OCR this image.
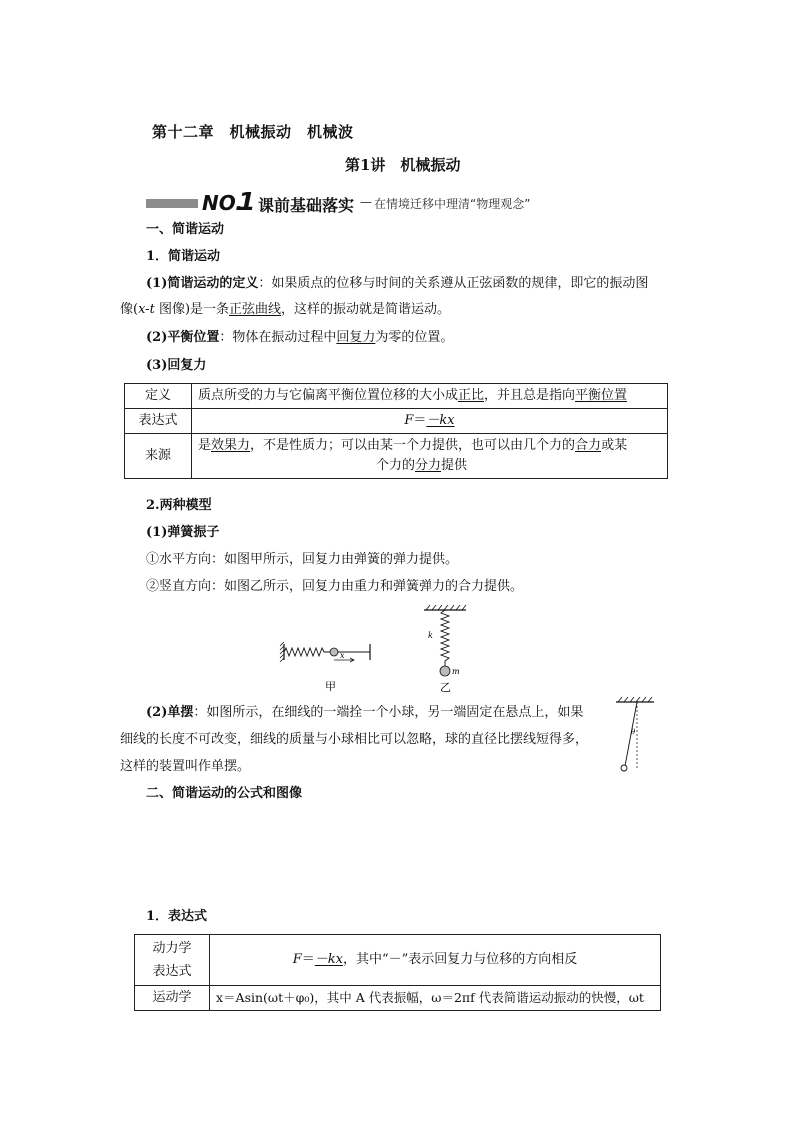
第十二章　机械振动　机械波
第1讲　机械振动
NO.
1 课前基础落实 — 在情境迁移中理清“物理观念”
一、简谐运动
1．简谐运动
(1)简谐运动的定义：如果质点的位移与时间的关系遵从正弦函数的规律，即它的振动图
像(x-t 图像)是一条正弦曲线，这样的振动就是简谐运动。
(2)平衡位置：物体在振动过程中回复力为零的位置。
(3)回复力
定义	质点所受的力与它偏离平衡位置位移的大小成正比，并且总是指向平衡位置
表达式	F＝－kx
来源	是效果力，不是性质力；可以由某一个力提供，也可以由几个力的合力或某
个力的分力提供
2.两种模型
(1)弹簧振子
①水平方向：如图甲所示，回复力由弹簧的弹力提供。
②竖直方向：如图乙所示，回复力由重力和弹簧弹力的合力提供。
x
甲
k
m
乙
(2)单摆：如图所示，在细线的一端拴一个小球，另一端固定在悬点上，如果
细线的长度不可改变，细线的质量与小球相比可以忽略，球的直径比摆线短得多，
这样的装置叫作单摆。
θ
二、简谐运动的公式和图像
1．表达式
动力学
表达式	F＝－kx，其中“－”表示回复力与位移的方向相反
运动学	x＝Asin(ωt＋φ₀)，其中 A 代表振幅，ω＝2πf 代表简谐运动振动的快慢，ωt
